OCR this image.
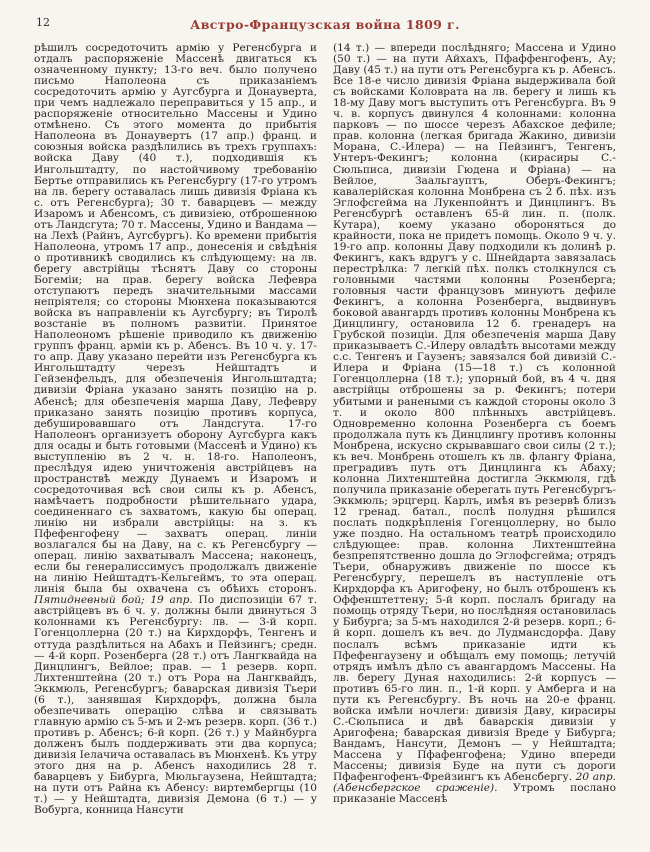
12	Австро-Французская война 1809 г.
рѣшилъ сосредоточить армію у Регенсбурга и отдалъ распоряженіе Массенѣ двигаться къ означенному пункту; 13-го веч. было получено письмо Наполеона съ приказаніемъ сосредоточить армію у Аугсбурга и Донауверта, при чемъ надлежало переправиться у 15 апр., и распоряженіе относительно Массены и Удино отмѣнено. Съ этого момента до прибытія Наполеона въ Донаувертъ (17 апр.) франц. и союзныя войска раздѣлились въ трехъ группахъ: войска Даву (40 т.), подходившія къ Ингольштадту, по настойчивому требованію Бертье отправились къ Регенсбургу (17-го утромъ на лв. берегу оставалась лишь дивизія Фріана къ с. отъ Регенсбурга); 30 т. баварцевъ — между Изаромъ и Абенсомъ, съ дивизіею, отброшенною отъ Ландсгута; 70 т. Массены, Удино и Вандама — на Лехѣ (Райнъ, Аугсбургъ). Ко времени прибытія Наполеона, утромъ 17 апр., донесенія и свѣдѣнія о противникѣ сводились къ слѣдующему: на лв. берегу австрійцы тѣснятъ Даву со стороны Богеміи; на прав. берегу войска Лефевра отступаютъ передъ значительными массами непріятеля; со стороны Мюнхена показываются войска въ направленіи къ Аугсбургу; въ Тиролѣ возстаніе въ полномъ развитіи. Принятое Наполеономъ рѣшеніе приводило къ движенію группъ франц. арміи къ р. Абенсъ. Въ 10 ч. у. 17-го апр. Даву указано перейти изъ Регенсбурга къ Ингольштадту черезъ Нейштадтъ и Гейзенфельдъ, для обезпеченія Ингольштадта; дивизіи Фріана указано занять позицію на р. Абенсѣ; для обезпеченія марша Даву, Лефевру приказано занять позицію противъ корпуса, дебушировавшаго отъ Ландсгута. 17-го Наполеонъ организуетъ оборону Аугсбурга какъ для осады и быть готовыми (Массенѣ и Удино) къ выступленію въ 2 ч. н. 18-го. Наполеонъ, преслѣдуя идею уничтоженія австрійцевъ на пространствѣ между Дунаемъ и Изаромъ и сосредоточивая всѣ свои силы къ р. Абенсъ, намѣчаетъ подробности рѣшительнаго удара, соединеннаго съ захватомъ, какую бы операц. линію ни избрали австрійцы: на з. къ Пфефенгофену — захватъ операц. линіи возлагался бы на Даву, на с. къ Регенсбургу — операц. линію захватывалъ Массена; наконецъ, если бы генералиссимусъ продолжалъ движеніе на линію Нейштадтъ-Кельгеймъ, то эта операц. линія была бы охвачена съ обѣихъ сторонъ. Пятидневный бой; 19 апр. По диспозиціи 67 т. австрійцевъ въ 6 ч. у. должны были двинуться 3 колоннами къ Регенсбургу: лв. — 3-й корп. Гогенцоллерна (20 т.) на Кирхдорфъ, Тенгенъ и оттуда раздѣлиться на Абахъ и Пейзингъ; средн. — 4-й корп. Розенберга (28 т.) отъ Лангквайда на Динцлингъ, Вейлое; прав. — 1 резерв. корп. Лихтенштейна (20 т.) отъ Рора на Лангквайдъ, Эккмюль, Регенсбургъ; баварская дивизія Тьери (6 т.), занявшая Кирхдорфъ, должна была обезпечивать операцію слѣва и связывать главную армію съ 5-мъ и 2-мъ резерв. корп. (36 т.) противъ р. Абенсъ; 6-й корп. (26 т.) у Майнбурга долженъ былъ поддерживать эти два корпуса; дивизія Іелачича оставалась въ Мюнхенѣ. Къ утру этого дня на р. Абенсъ находились 28 т. баварцевъ у Бибурга, Мюльгаузена, Нейштадта; на пути отъ Райна къ Абенсу: виртембергцы (10 т.) — у Нейштадта, дивизія Демона (6 т.) — у Вобурга, конница Нансути
(14 т.) — впереди послѣдняго; Массена и Удино (50 т.) — на пути Айхахъ, Пфаффенгофенъ, Ау; Даву (45 т.) на пути отъ Регенсбурга къ р. Абенсъ. Все 18-е число дивизія Фріана выдерживала бой съ войсками Коловрата на лв. берегу и лишь къ 18-му Даву могъ выступить отъ Регенсбурга. Въ 9 ч. в. корпусъ двинулся 4 колоннами: колонна парковъ — по шоссе черезъ Абахское дефиле; прав. колонна (легкая бригада Жакино, дивизіи Морана, С.-Илера) — на Пейзингъ, Тенгенъ, Унтеръ-Фекингъ; колонна (кирасиры С.-Сюльписа, дивизіи Гюдена и Фріана) — на Вейлое, Заальгауптъ, Оберъ-Фекингъ; кавалерійская колонна Монбрена съ 2 б. пѣх. изъ Эглофсгейма на Лукенпойнтъ и Динцлингъ. Въ Регенсбургѣ оставленъ 65-й лин. п. (полк. Кутара), коему указано обороняться до крайности, пока не придетъ помощь. Около 9 ч. у. 19-го апр. колонны Даву подходили къ долинѣ р. Фекингъ, какъ вдругъ у с. Шнейдарта завязалась перестрѣлка: 7 легкій пѣх. полкъ столкнулся съ головными частями колонны Розенберга; головныя части французовъ минуютъ дефиле Фекингъ, а колонна Розенберга, выдвинувъ боковой авангардъ противъ колонны Монбрена къ Динцлингу, остановила 12 б. гренадеръ на Грубской позиціи. Для обезпеченія марша Даву приказываетъ С.-Илеру овладѣть высотами между с.с. Тенгенъ и Гаузенъ; завязался бой дивизій С.-Илера и Фріана (15—18 т.) съ колонной Гогенцоллерна (18 т.); упорный бой, въ 4 ч. дня австрійцы отброшены за р. Фекингъ; потери убитыми и ранеными съ каждой стороны около 3 т. и около 800 плѣнныхъ австрійцевъ. Одновременно колонна Розенберга съ боемъ продолжала путь къ Динцлингу противъ колонны Монбрена, искусно скрывавшаго свои силы (2 т.); къ веч. Монбрень отошелъ къ лв. флангу Фріана, преградивъ путь отъ Динцлинга къ Абаху; колонна Лихтенштейна достигла Эккмюля, гдѣ получила приказаніе оберегать путь Регенсбургъ-Эккмюль; эрцгерц. Карлъ, имѣя въ резервѣ близъ 12 гренад. батал., послѣ полудня рѣшился послать подкрѣпленія Гогенцоллерну, но было уже поздно. На остальномъ театрѣ происходило слѣдующее: прав. колонна Лихтенштейна безпрепятственно дошла до Эглофсгейма; отрядъ Тьери, обнаруживъ движеніе по шоссе къ Регенсбургу, перешелъ въ наступленіе отъ Кирхдорфа къ Аригофену, но былъ отброшенъ къ Оффенштеттену; 5-й корп. послалъ бригаду на помощь отряду Тьери, но послѣдняя остановилась у Бибурга; за 5-мъ находился 2-й резерв. корп.; 6-й корп. дошелъ къ веч. до Лудмансдорфа. Даву послалъ всѣмъ приказаніе идти къ Пфефенгаузену и обѣщалъ ему помощь; летучій отрядъ имѣлъ дѣло съ авангардомъ Массены. На лв. берегу Дуная находились: 2-й корпусъ — противъ 65-го лин. п., 1-й корп. у Амберга и на пути къ Регенсбургу. Въ ночь на 20-е франц. войска имѣли ночлеги: дивизія Даву, кирасиры С.-Сюльписа и двѣ баварскія дивизіи у Аригофена; баварская дивизія Вреде у Бибурга; Вандамъ, Нансути, Демонъ — у Нейштадта; Массена у Пфафенгофена; Удино впереди Массены; дивизія Буде на пути съ дороги Пфафенгофенъ-Фрейзингъ къ Абенсбергу. 20 апр. (Абенсбергское сраженіе). Утромъ послано приказаніе Массенѣ
